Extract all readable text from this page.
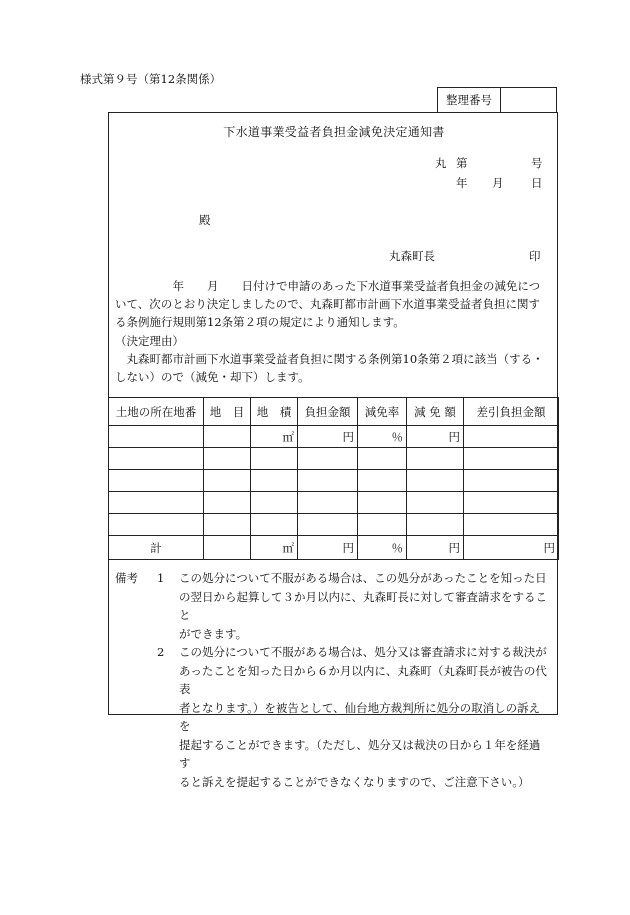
様式第９号（第12条関係）
整理番号
下水道事業受益者負担金減免決定通知書
丸 第	号
年 月 日
殿
丸森町長	印
　　　　　年　　月　　日付けで申請のあった下水道事業受益者負担金の減免につ
いて、次のとおり決定しましたので、丸森町都市計画下水道事業受益者負担に関す
る条例施行規則第12条第２項の規定により通知します。
（決定理由）
　丸森町都市計画下水道事業受益者負担に関する条例第10条第２項に該当（する・
しない）ので（減免・却下）します。
土地の所在地番	地　目	地　積	負担金額	減免率	減 免 額	差引負担金額
		㎡	円	％	円	

計		㎡	円	％	円	円
備考	1	この処分について不服がある場合は、この処分があったことを知った日
の翌日から起算して３か月以内に、丸森町長に対して審査請求をすること
ができます。
2	この処分について不服がある場合は、処分又は審査請求に対する裁決が
あったことを知った日から６か月以内に、丸森町（丸森町長が被告の代表
者となります。）を被告として、仙台地方裁判所に処分の取消しの訴えを
提起することができます。（ただし、処分又は裁決の日から１年を経過す
ると訴えを提起することができなくなりますので、ご注意下さい。）
